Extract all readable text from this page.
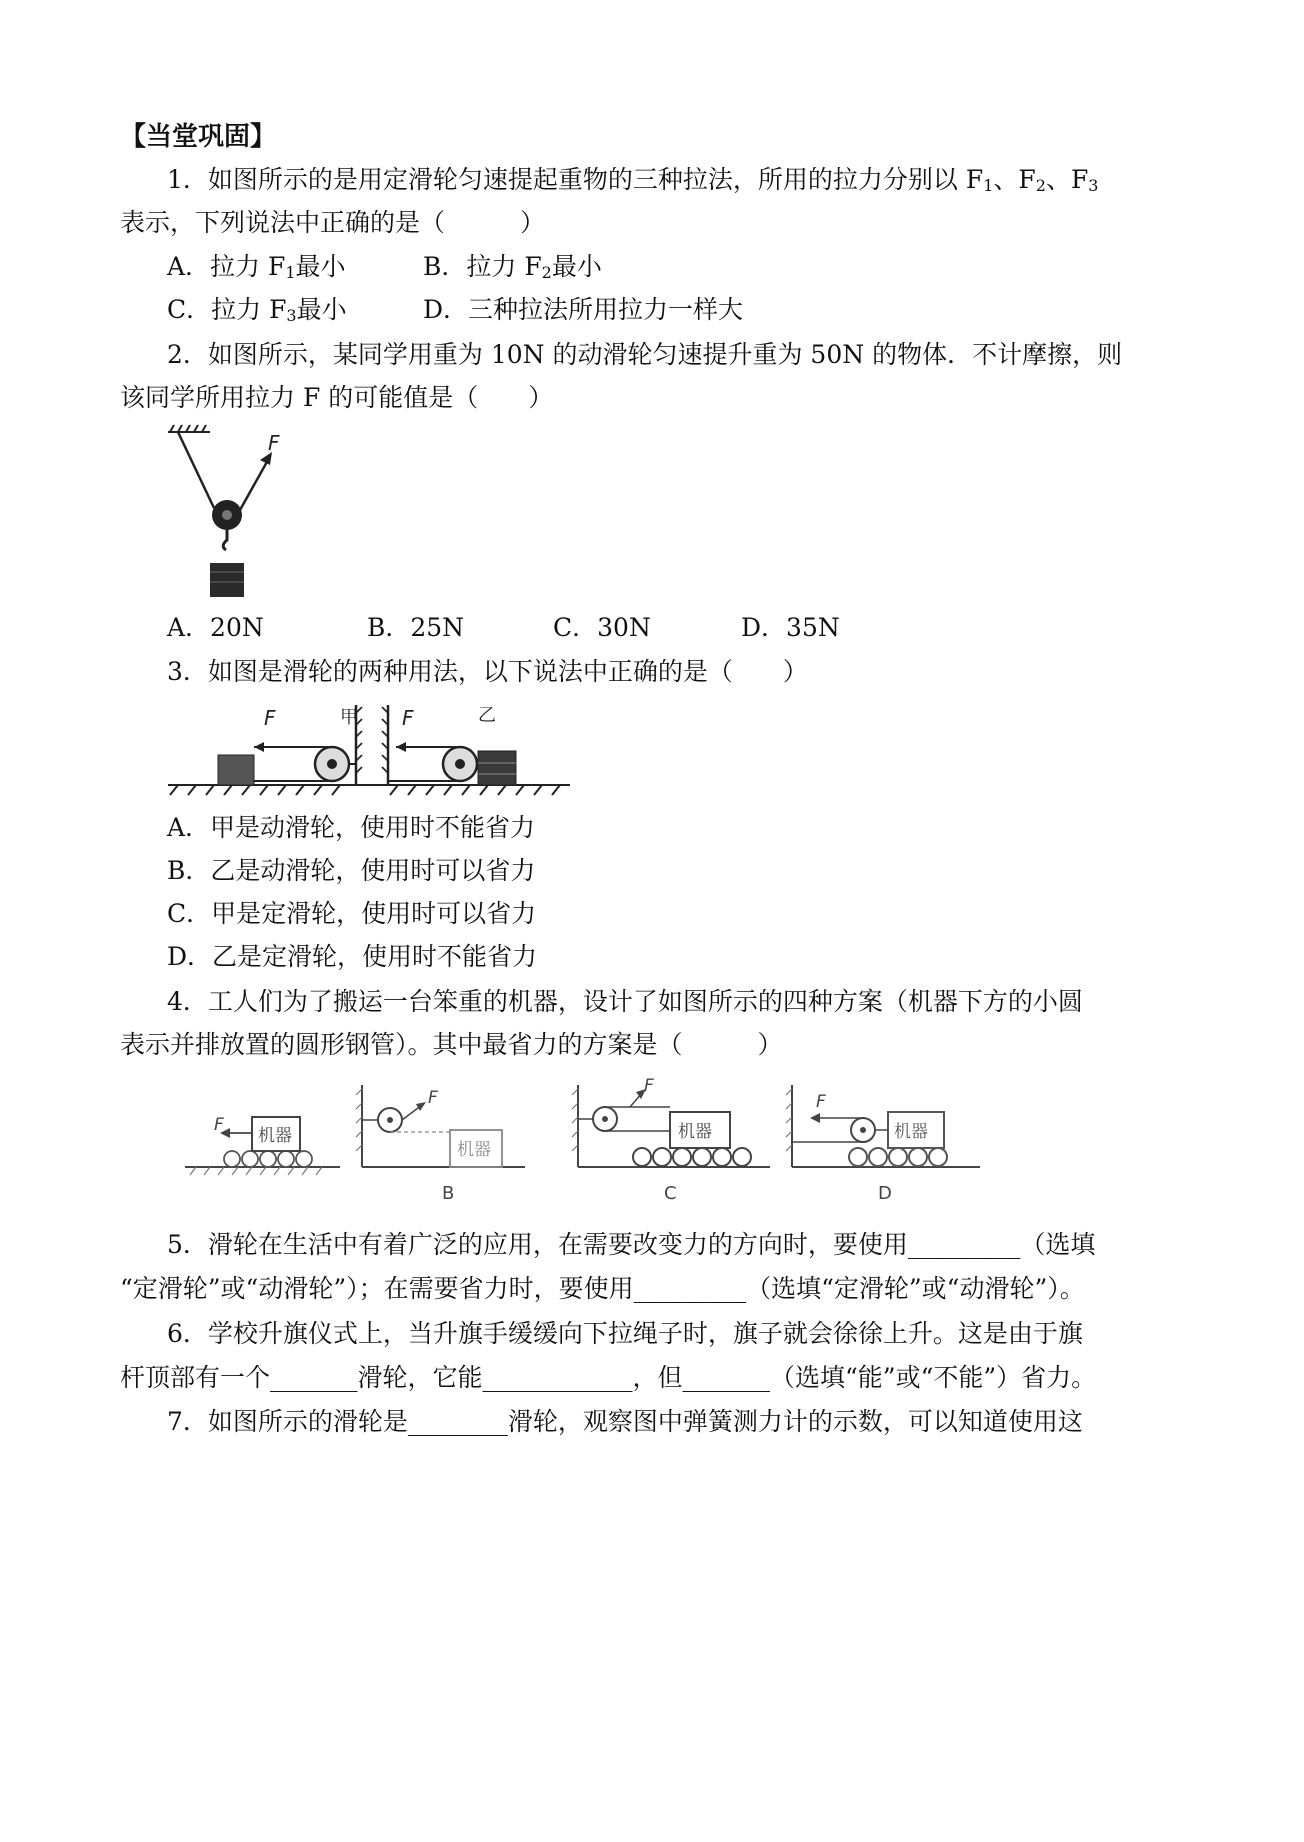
【当堂巩固】
1．如图所示的是用定滑轮匀速提起重物的三种拉法，所用的拉力分别以 $F_1$、$F_2$、$F_3$
表示，下列说法中正确的是（　　　）
A．拉力 $F_1$最小	B．拉力 $F_2$最小
C．拉力 $F_3$最小	D．三种拉法所用拉力一样大
2．如图所示，某同学用重为 10N 的动滑轮匀速提升重为 50N 的物体．不计摩擦，则
该同学所用拉力 F 的可能值是（　　）
F
A．20N	B．25N	C．30N	D．35N
3．如图是滑轮的两种用法，以下说法中正确的是（　　）
F	甲 F	乙
A．甲是动滑轮，使用时不能省力
B．乙是动滑轮，使用时可以省力
C．甲是定滑轮，使用时可以省力
D．乙是定滑轮，使用时不能省力
4．工人们为了搬运一台笨重的机器，设计了如图所示的四种方案（机器下方的小圆
表示并排放置的圆形钢管）。其中最省力的方案是（　　　）
机器
F
F
机器
B
机器
F
C
机器
F
D
5．滑轮在生活中有着广泛的应用，在需要改变力的方向时，要使用_________（选填
“定滑轮”或“动滑轮”）；在需要省力时，要使用_________（选填“定滑轮”或“动滑轮”）。
6．学校升旗仪式上，当升旗手缓缓向下拉绳子时，旗子就会徐徐上升。这是由于旗
杆顶部有一个_______滑轮，它能____________，但_______（选填“能”或“不能”）省力。
7．如图所示的滑轮是________滑轮，观察图中弹簧测力计的示数，可以知道使用这
